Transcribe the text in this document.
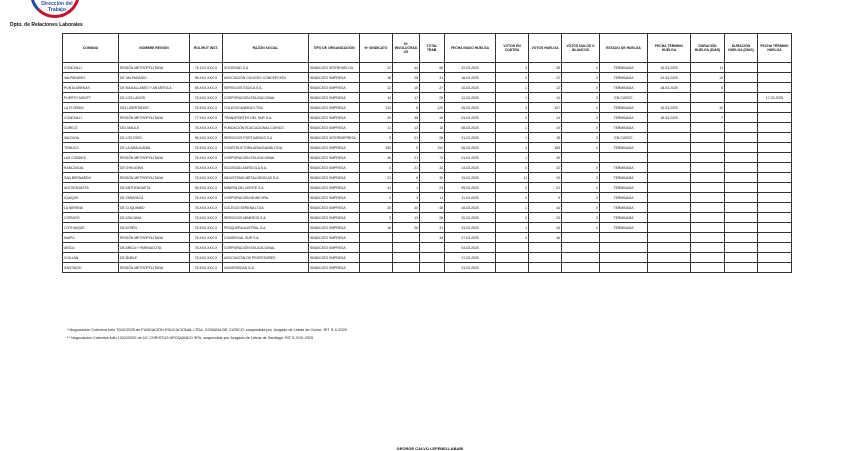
Dirección del
Trabajo
Dpto. de Relaciones Laborales
COMUNA	NOMBRE REGIÓN	ROL/RUT INST.	RAZÓN SOCIAL	TIPO DE ORGANIZACIÓN	Nº SINDICATO	Nº INVOLUCRADOS	TOTAL TRAB.	FECHA INICIO HUELGA	VOTOS EN CONTRA	VOTOS HUELGA	VOTOS NULOS O BLANCOS	ESTADO DE HUELGA	FECHA TÉRMINO HUELGA	DURACIÓN HUELGA (DÍAS)	DURACIÓN HUELGA (DÍAS)	FECHA TÉRMINO HUELGA
CONCHALÍ	REGIÓN METROPOLITANA	76.1XX.XXX-X	SOCIEDAD S.A.	SINDICATO INTERHUELGA	22	44	58	22-03-2025	3	38	0	TERMINADA	15-03-2025	11		
VALPARAÍSO	DE VALPARAÍSO	96.XXX.XXX-X	ASOCIACIÓN COLEGIO CONCEPCIÓN	SINDICATO EMPRESA	18	26	31	18-03-2025	2	22	0	TERMINADA	24-03-2025	12		
PUNTA ARENAS	DE MAGALLANES Y ANTÁRTICA	65.XXX.XXX-X	SERVICIOS EDUCA S.A.	SINDICATO EMPRESA	12	15	27	10-03-2025	1	12	0	TERMINADA	18-03-2025	8		
PUERTO MONTT	DE LOS LAGOS	76.XXX.XXX-X	CORPORACIÓN EDUCACIONAL	SINDICATO EMPRESA	14	17	25	12-03-2025	1	14	0	EN CURSO				17-03-2025
LA FLORIDA	DEL LIBERTADOR	76.XXX.XXX-X	COLEGIO ANDINO LTDA.	SINDICATO EMPRESA	110	8	120	05-03-2025	3	107	0	TERMINADA	15-03-2025	10		
CONCHALÍ	REGIÓN METROPOLITANA	77.XXX.XXX-X	TRANSPORTES DEL SUR S.A.	SINDICATO EMPRESA	25	38	40	03-03-2025	2	24	0	TERMINADA	18-03-2025	7		
CURICÓ	DEL MAULE	76.XXX.XXX-X	FUNDACIÓN EDUCACIONAL CURICÓ	SINDICATO EMPRESA	11	13	18	08-03-2025	1	10	0	TERMINADA				
VALDIVIA	DE LOS RÍOS	96.XXX.XXX-X	SERVICIOS PORTUARIOS S.A.	SINDICATO INTEREMPRESA	5	21	28	21-03-2025	1	18	0	EN CURSO				
TEMUCO	DE LA ARAUCANÍA	76.XXX.XXX-X	CONSTRUCTORA ARAUCANÍA LTDA.	SINDICATO EMPRESA	190	9	192	06-03-2025	4	185	0	TERMINADA				
LAS CONDES	REGIÓN METROPOLITANA	76.XXX.XXX-X	CORPORACIÓN EDUCACIONAL	SINDICATO EMPRESA	46	21	72	01-03-2025	1	35						
RANCAGUA	DE O'HIGGINS	76.XXX.XXX-X	SOCIEDAD AGRÍCOLA S.A.	SINDICATO EMPRESA	3	21	34	14-03-2025	0	32	0	TERMINADA				
SAN BERNARDO	REGIÓN METROPOLITANA	76.XXX.XXX-X	INDUSTRIAS METALÚRGICAS S.A.	SINDICATO EMPRESA	21	8	30	19-03-2025	11	20	0	TERMINADA				
ANTOFAGASTA	DE ANTOFAGASTA	96.XXX.XXX-X	MINERA DEL NORTE S.A.	SINDICATO EMPRESA	41	1	23	09-03-2025	0	21	0	TERMINADA				
IQUIQUE	DE TARAPACÁ	76.XXX.XXX-X	CORPORACIÓN MUNICIPAL	SINDICATO EMPRESA	2	3	11	11-03-2025	0	9	0	TERMINADA				
LA SERENA	DE COQUIMBO	76.XXX.XXX-X	COLEGIO SERENA LTDA.	SINDICATO EMPRESA	28	40	48	16-03-2025	1	44	0	TERMINADA				
COPIAPÓ	DE ATACAMA	76.XXX.XXX-X	SERVICIOS MINEROS S.A.	SINDICATO EMPRESA	3	13	28	20-03-2025	2	23	0	TERMINADA				
COYHAIQUE	DE AYSÉN	76.XXX.XXX-X	PESQUERA AUSTRAL S.A.	SINDICATO EMPRESA	16	26	31	13-03-2025	1	26	0	TERMINADA				
MAIPÚ	REGIÓN METROPOLITANA	76.XXX.XXX-X	COMERCIAL SUR S.A.	SINDICATO EMPRESA			34	07-03-2025	4	46						
ARICA	DE ARICA Y PARINACOTA	76.XXX.XXX-X	CORPORACIÓN EDUCACIONAL	SINDICATO EMPRESA				04-03-2025								
CHILLÁN	DE ÑUBLE	76.XXX.XXX-X	ASOCIACIÓN DE PROFESORES	SINDICATO EMPRESA				17-03-2025								
SANTIAGO	REGIÓN METROPOLITANA	76.XXX.XXX-X	UNIVERSIDAD S.A.	SINDICATO EMPRESA				23-03-2025								
* Negociación Colectiva folio 70XX/2025 de FUNDACIÓN EDUCACIONAL LTDA. COMUNA DE CURICÓ, suspendida por Juzgado de Letras de Curicó, RIT S-X-2025
** Negociación Colectiva folio 13XX/2025 de UC CHRISTUS APOQUINDO SPA, suspendida por Juzgado de Letras de Santiago, RIT S-XXX-2025
GEORGE CALVO LEFENELLABARI
